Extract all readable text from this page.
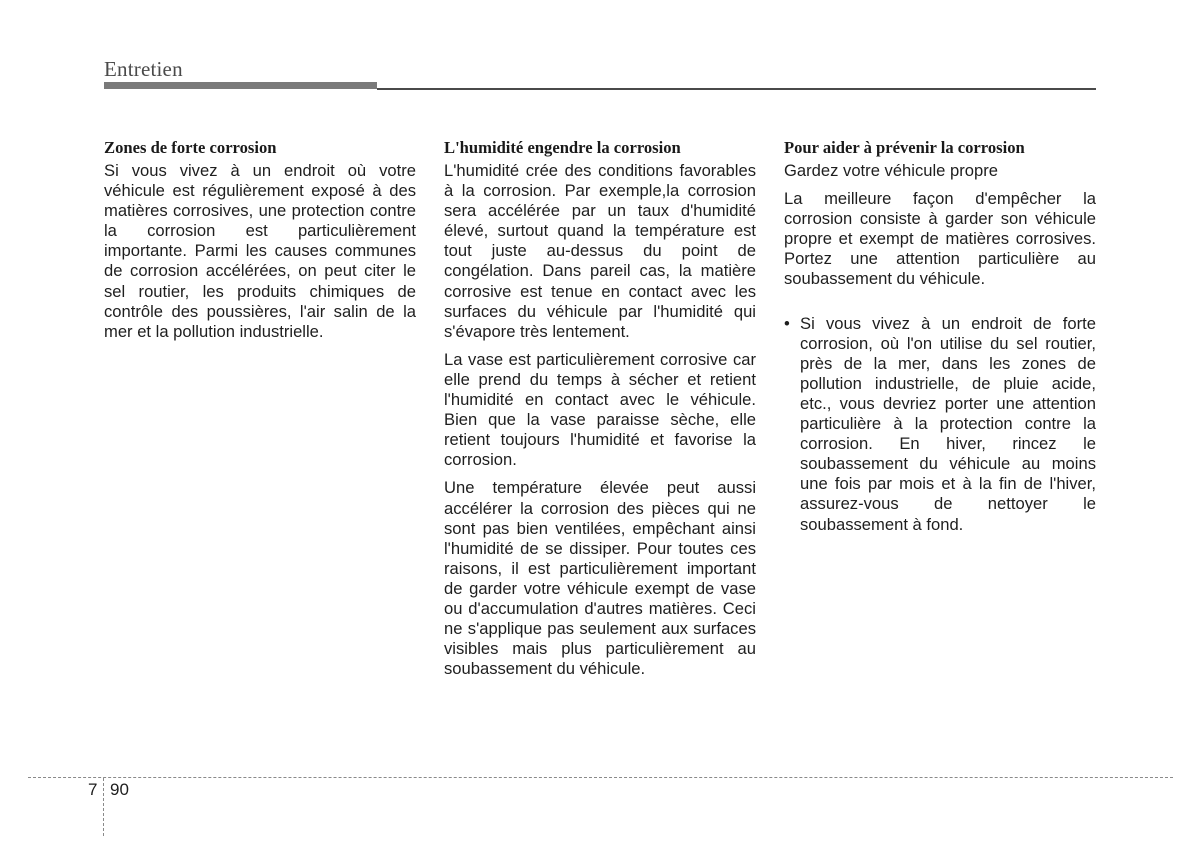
Entretien
Zones de forte corrosion

Si vous vivez à un endroit où votre véhicule est régulièrement exposé à des matières corrosives, une protection contre la corrosion est particulièrement importante. Parmi les causes communes de corrosion accélérées, on peut citer le sel routier, les produits chimiques de contrôle des poussières, l'air salin de la mer et la pollution industrielle.

L'humidité engendre la corrosion

L'humidité crée des conditions favorables à la corrosion. Par exemple,la corrosion sera accélérée par un taux d'humidité élevé, surtout quand la température est tout juste au-dessus du point de congélation. Dans pareil cas, la matière corrosive est tenue en contact avec les surfaces du véhicule par l'humidité qui s'évapore très lentement.

La vase est particulièrement corrosive car elle prend du temps à sécher et retient l'humidité en contact avec le véhicule. Bien que la vase paraisse sèche, elle retient toujours l'humidité et favorise la corrosion.

Une température élevée peut aussi accélérer la corrosion des pièces qui ne sont pas bien ventilées, empêchant ainsi l'humidité de se dissiper. Pour toutes ces raisons, il est particulièrement important de garder votre véhicule exempt de vase ou d'accumulation d'autres matières. Ceci ne s'applique pas seulement aux surfaces visibles mais plus particulièrement au soubassement du véhicule.

Pour aider à prévenir la corrosion

Gardez votre véhicule propre

La meilleure façon d'empêcher la corrosion consiste à garder son véhicule propre et exempt de matières corrosives. Portez une attention particulière au soubassement du véhicule.

• Si vous vivez à un endroit de forte corrosion, où l'on utilise du sel routier, près de la mer, dans les zones de pollution industrielle, de pluie acide, etc., vous devriez porter une attention particulière à la protection contre la corrosion. En hiver, rincez le soubassement du véhicule au moins une fois par mois et à la fin de l'hiver, assurez-vous de nettoyer le soubassement à fond.
7 90
